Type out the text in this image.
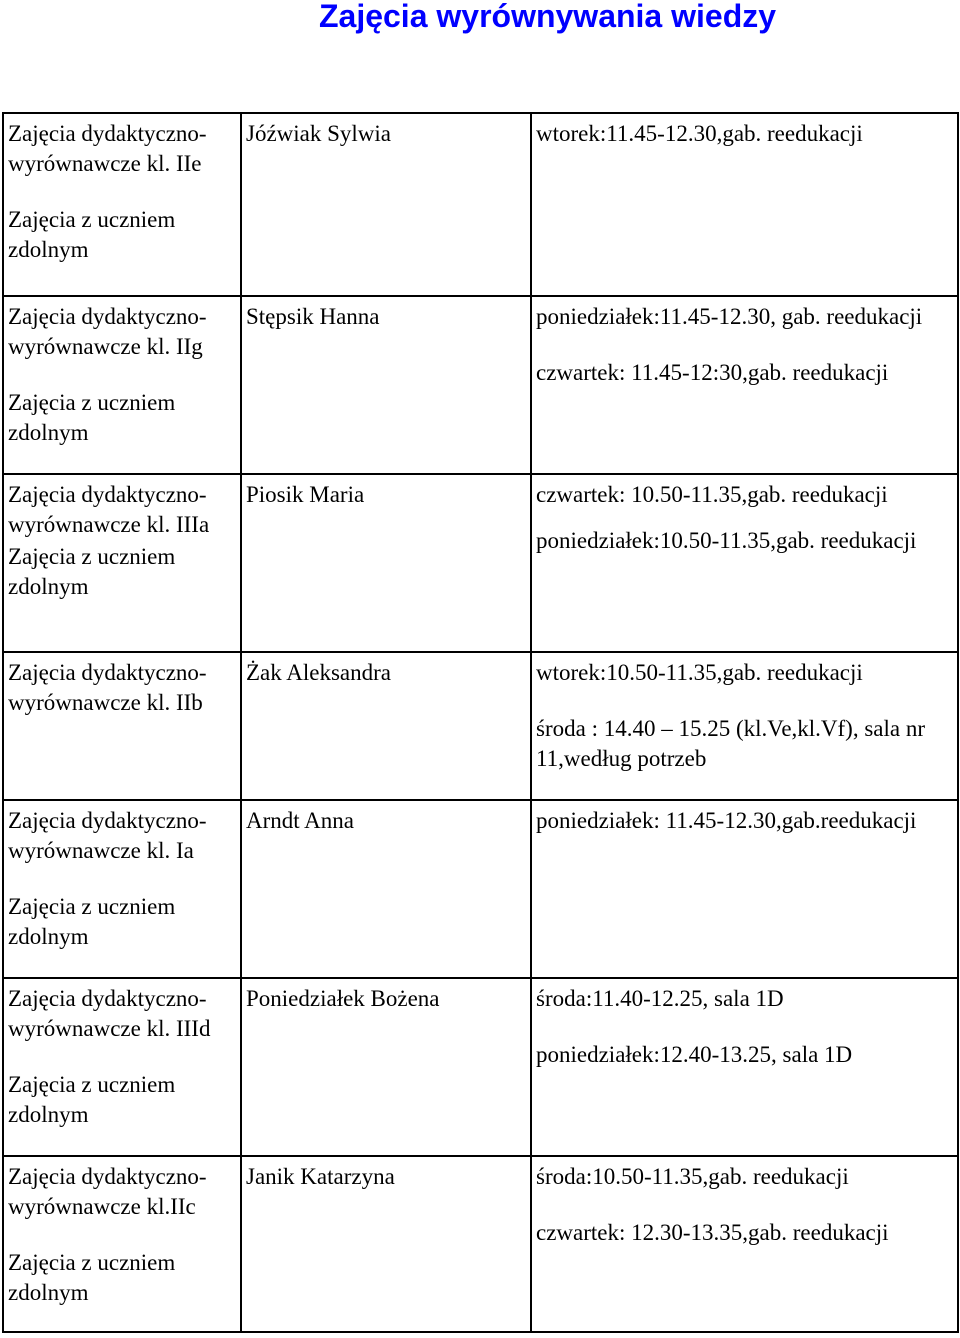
Zajęcia wyrównywania wiedzy
Zajęcia dydaktyczno-wyrównawcze kl. IIe
Zajęcia z uczniem zdolnym	Jóźwiak Sylwia	wtorek:11.45-12.30,gab. reedukacji

Zajęcia dydaktyczno-wyrównawcze kl. IIg
Zajęcia z uczniem zdolnym	Stępsik Hanna	poniedziałek:11.45-12.30, gab. reedukacji
czwartek: 11.45-12:30,gab. reedukacji

Zajęcia dydaktyczno-wyrównawcze kl. IIIa
Zajęcia z uczniem zdolnym	Piosik Maria	czwartek: 10.50-11.35,gab. reedukacji
poniedziałek:10.50-11.35,gab. reedukacji

Zajęcia dydaktyczno-wyrównawcze kl. IIb	Żak Aleksandra	wtorek:10.50-11.35,gab. reedukacji
środa : 14.40 – 15.25 (kl.Ve,kl.Vf), sala nr 11,według potrzeb

Zajęcia dydaktyczno-wyrównawcze kl. Ia
Zajęcia z uczniem zdolnym	Arndt Anna	poniedziałek: 11.45-12.30,gab.reedukacji

Zajęcia dydaktyczno-wyrównawcze kl. IIId
Zajęcia z uczniem zdolnym	Poniedziałek Bożena	środa:11.40-12.25, sala 1D
poniedziałek:12.40-13.25, sala 1D

Zajęcia dydaktyczno-wyrównawcze kl.IIc
Zajęcia z uczniem zdolnym	Janik Katarzyna	środa:10.50-11.35,gab. reedukacji
czwartek: 12.30-13.35,gab. reedukacji
